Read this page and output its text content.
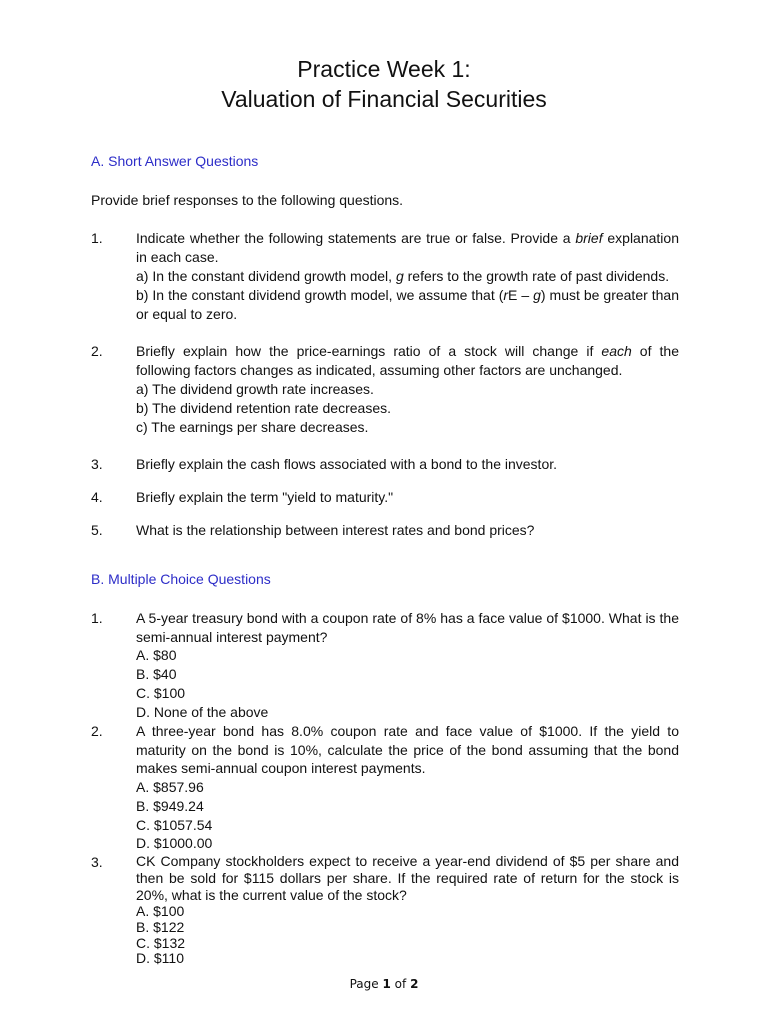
Practice Week 1:
Valuation of Financial Securities
A. Short Answer Questions
Provide brief responses to the following questions.
1.	Indicate whether the following statements are true or false. Provide a brief explanation in each case.
a) In the constant dividend growth model, g refers to the growth rate of past dividends.
b) In the constant dividend growth model, we assume that (rE – g) must be greater than or equal to zero.
2.	Briefly explain how the price-earnings ratio of a stock will change if each of the following factors changes as indicated, assuming other factors are unchanged.
a) The dividend growth rate increases.
b) The dividend retention rate decreases.
c) The earnings per share decreases.
3.	Briefly explain the cash flows associated with a bond to the investor.
4.	Briefly explain the term "yield to maturity."
5.	What is the relationship between interest rates and bond prices?
B. Multiple Choice Questions
1.	A 5-year treasury bond with a coupon rate of 8% has a face value of $1000. What is the semi-annual interest payment?
A. $80
B. $40
C. $100
D. None of the above
2.	A three-year bond has 8.0% coupon rate and face value of $1000. If the yield to maturity on the bond is 10%, calculate the price of the bond assuming that the bond makes semi-annual coupon interest payments.
A. $857.96
B. $949.24
C. $1057.54
D. $1000.00
3.	CK Company stockholders expect to receive a year-end dividend of $5 per share and then be sold for $115 dollars per share. If the required rate of return for the stock is 20%, what is the current value of the stock?
A. $100
B. $122
C. $132
D. $110
Page 1 of 2
